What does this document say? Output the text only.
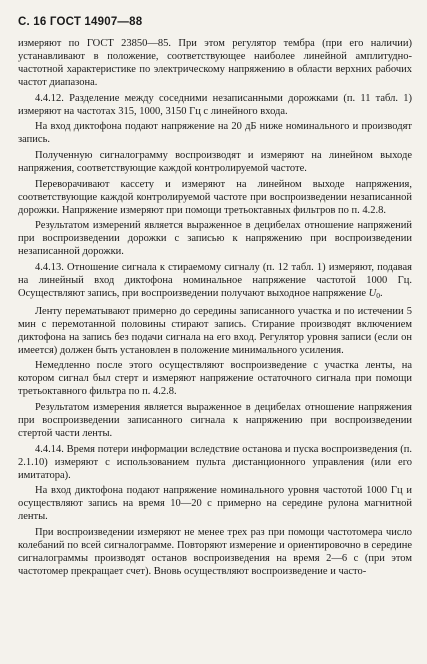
С. 16 ГОСТ 14907—88

измеряют по ГОСТ 23850—85. При этом регулятор тембра (при его наличии) устанавливают в положение, соответствующее наиболее линейной амплитудно-частотной характеристике по электрическому напряжению в области верхних рабочих частот диапазона.

4.4.12. Разделение между соседними незаписанными дорожками (п. 11 табл. 1) измеряют на частотах 315, 1000, 3150 Гц с линейного входа.

На вход диктофона подают напряжение на 20 дБ ниже номинального и производят запись.

Полученную сигналограмму воспроизводят и измеряют на линейном выходе напряжения, соответствующие каждой контролируемой частоте.

Переворачивают кассету и измеряют на линейном выходе напряжения, соответствующие каждой контролируемой частоте при воспроизведении незаписанной дорожки. Напряжение измеряют при помощи третьоктавных фильтров по п. 4.2.8.

Результатом измерений является выраженное в децибелах отношение напряжений при воспроизведении дорожки с записью к напряжению при воспроизведении незаписанной дорожки.

4.4.13. Отношение сигнала к стираемому сигналу (п. 12 табл. 1) измеряют, подавая на линейный вход диктофона номинальное напряжение частотой 1000 Гц. Осуществляют запись, при воспроизведении получают выходное напряжение $U_0$.

Ленту перематывают примерно до середины записанного участка и по истечении 5 мин с перемотанной половины стирают запись. Стирание производят включением диктофона на запись без подачи сигнала на его вход. Регулятор уровня записи (если он имеется) должен быть установлен в положение минимального усиления.

Немедленно после этого осуществляют воспроизведение с участка ленты, на котором сигнал был стерт и измеряют напряжение остаточного сигнала при помощи третьоктавного фильтра по п. 4.2.8.

Результатом измерения является выраженное в децибелах отношение напряжения при воспроизведении записанного сигнала к напряжению при воспроизведении стертой части ленты.

4.4.14. Время потери информации вследствие останова и пуска воспроизведения (п. 2.1.10) измеряют с использованием пульта дистанционного управления (или его имитатора).

На вход диктофона подают напряжение номинального уровня частотой 1000 Гц и осуществляют запись на время 10—20 с примерно на середине рулона магнитной ленты.

При воспроизведении измеряют не менее трех раз при помощи частотомера число колебаний по всей сигналограмме. Повторяют измерение и ориентировочно в середине сигналограммы производят останов воспроизведения на время 2—6 с (при этом частотомер прекращает счет). Вновь осуществляют воспроизведение и часто-
